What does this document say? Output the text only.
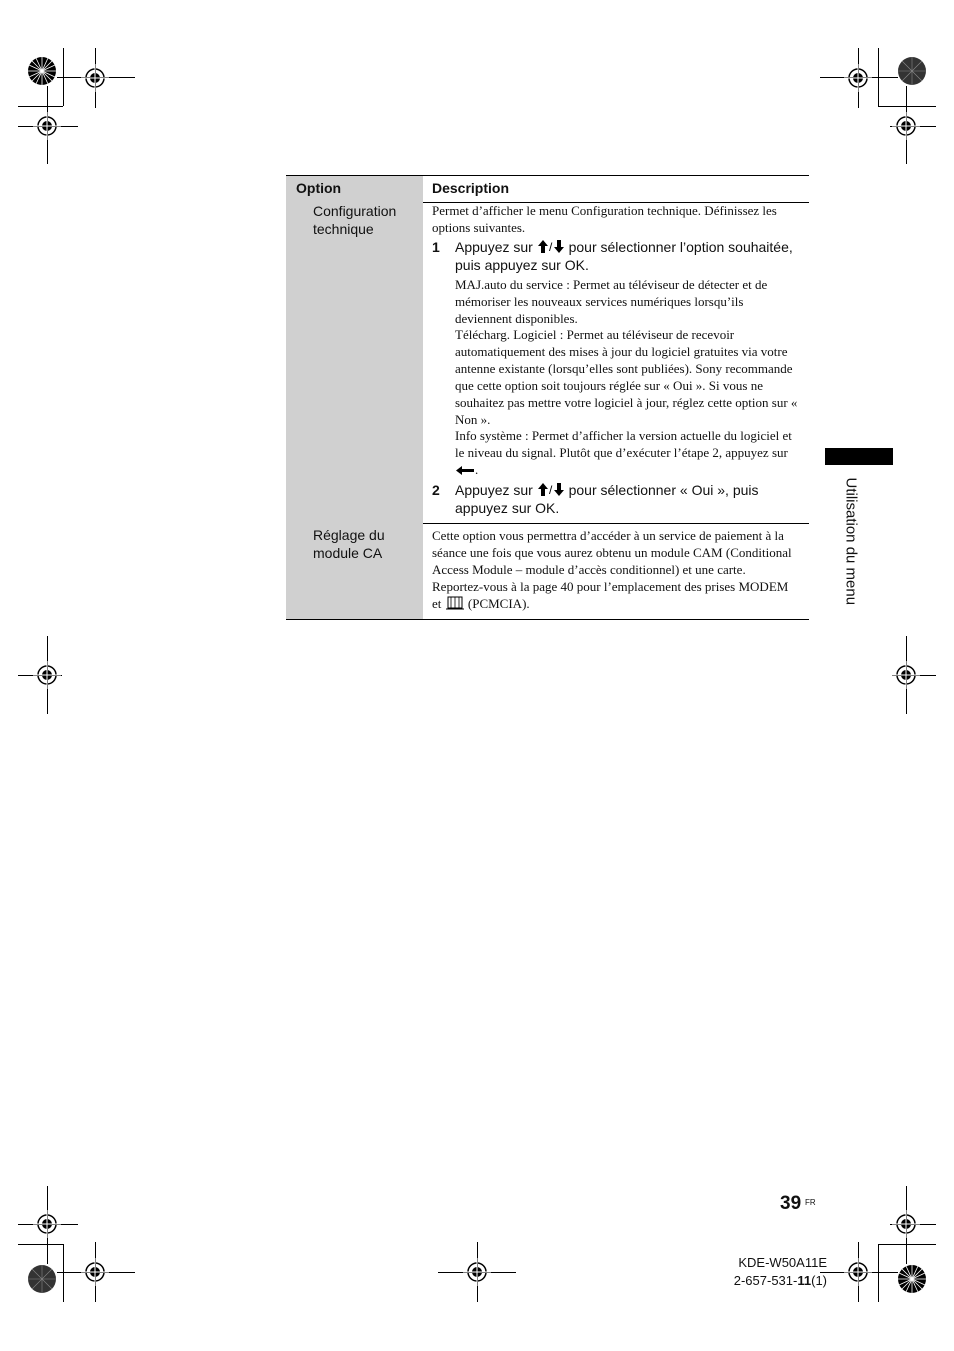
Option	Description
Configuration technique
Permet d’afficher le menu Configuration technique. Définissez les options suivantes.
1 Appuyez sur / pour sélectionner l’option souhaitée, puis appuyez sur OK.
MAJ.auto du service : Permet au téléviseur de détecter et de mémoriser les nouveaux services numériques lorsqu’ils deviennent disponibles.
Télécharg. Logiciel : Permet au téléviseur de recevoir automatiquement des mises à jour du logiciel gratuites via votre antenne existante (lorsqu’elles sont publiées). Sony recommande que cette option soit toujours réglée sur « Oui ». Si vous ne souhaitez pas mettre votre logiciel à jour, réglez cette option sur « Non ».
Info système : Permet d’afficher la version actuelle du logiciel et le niveau du signal. Plutôt que d’exécuter l’étape 2, appuyez sur .
2 Appuyez sur / pour sélectionner « Oui », puis appuyez sur OK.
Réglage du module CA
Cette option vous permettra d’accéder à un service de paiement à la séance une fois que vous aurez obtenu un module CAM (Conditional Access Module – module d’accès conditionnel) et une carte. Reportez-vous à la page 40 pour l’emplacement des prises MODEM et (PCMCIA).	Utilisation du menu
39 FR
KDE-W50A11E
2-657-531-11(1)
